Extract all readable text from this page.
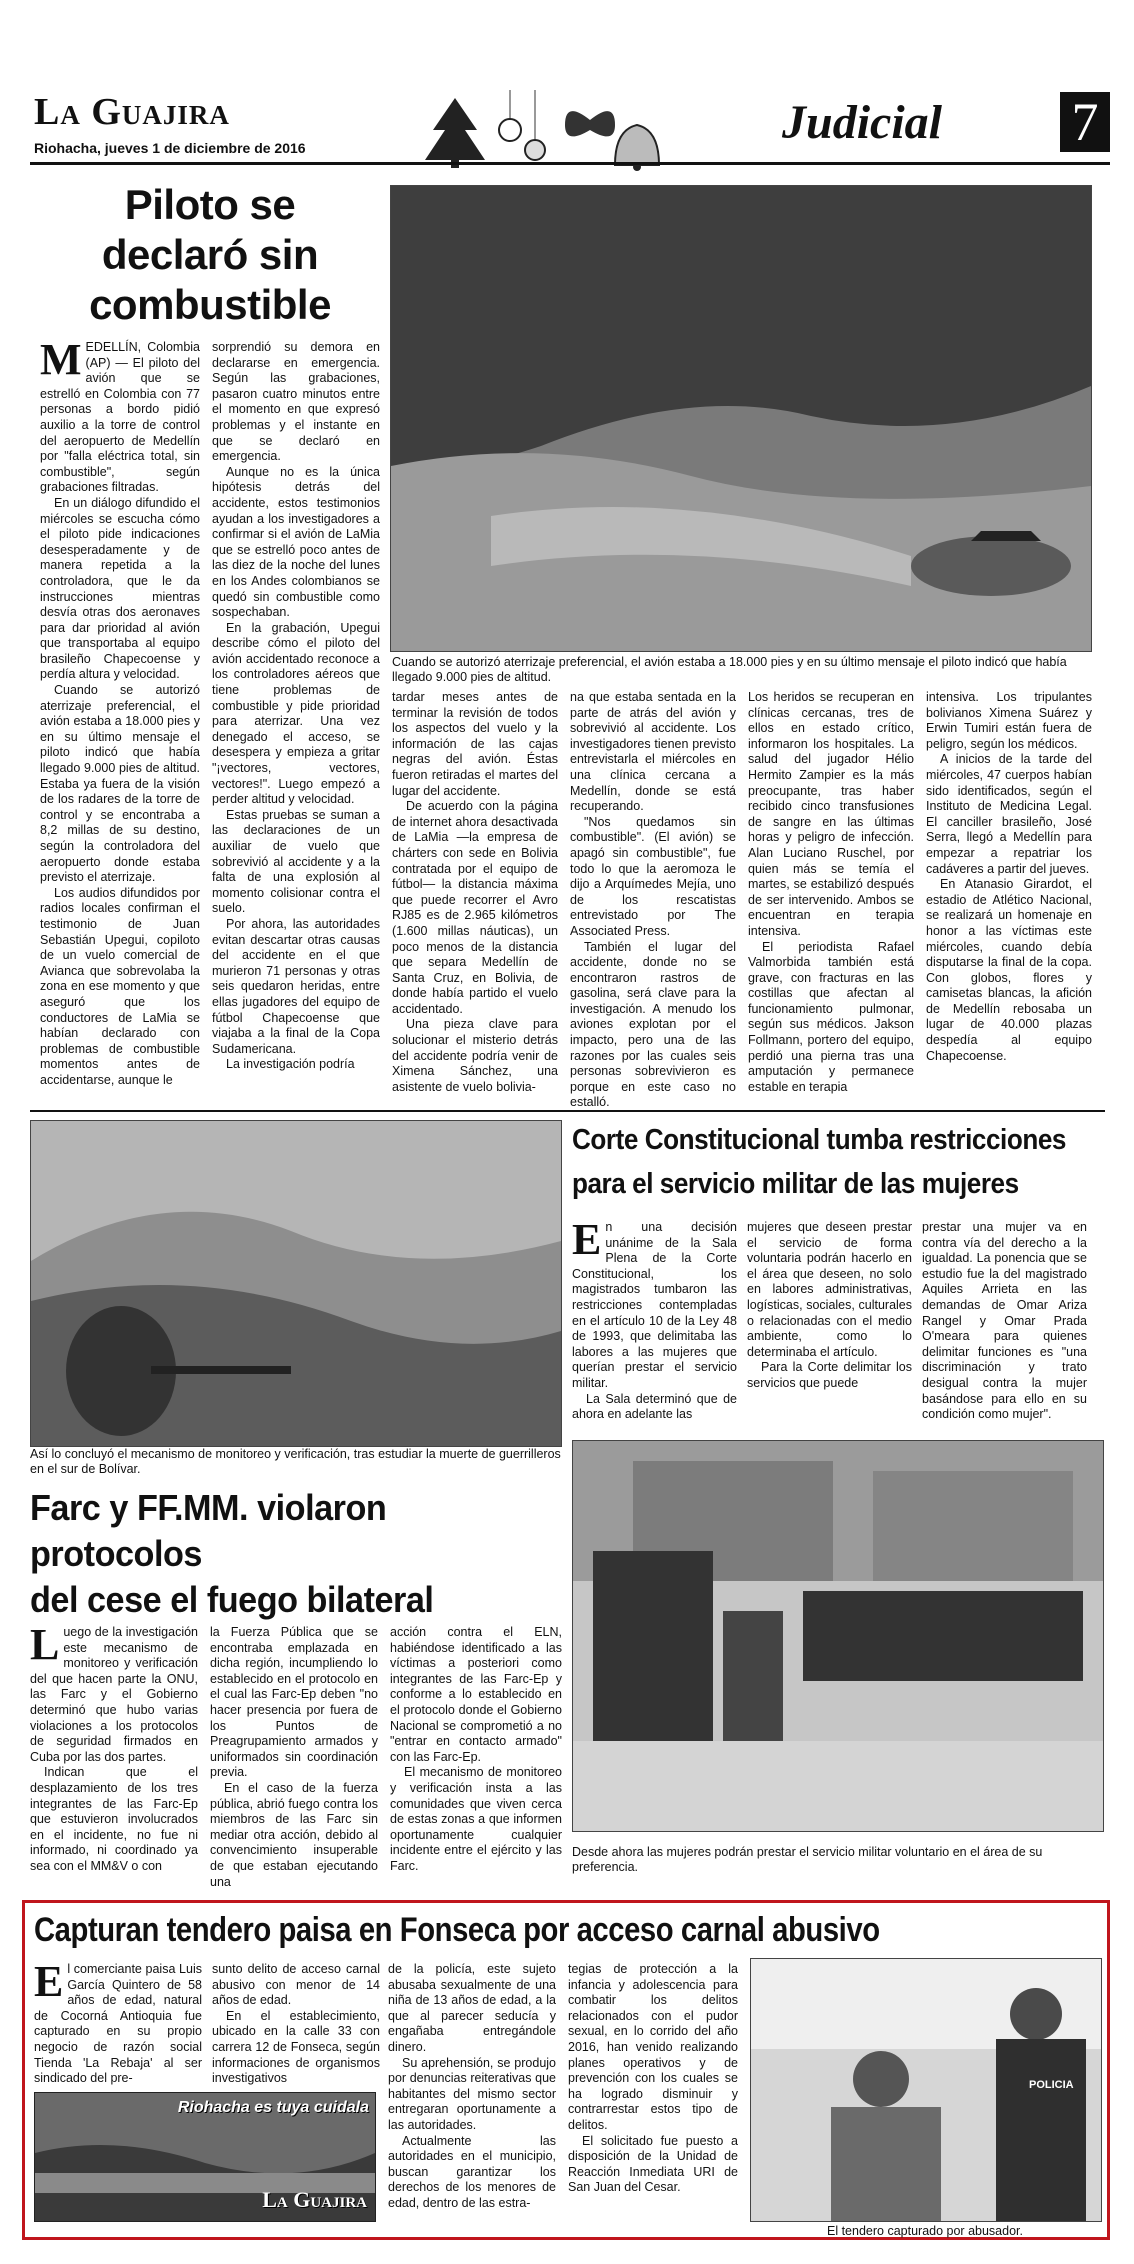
La Guajira
Riohacha, jueves 1 de diciembre de 2016	Judicial 7
Piloto se
declaró sin
combustible
Cuando se autorizó aterrizaje preferencial, el avión estaba a 18.000 pies y en su último mensaje el piloto indicó que había llegado 9.000 pies de altitud.

MEDELLÍN, Colombia (AP) — El piloto del avión que se estrelló en Colombia con 77 personas a bordo pidió auxilio a la torre de control del aeropuerto de Medellín por "falla eléctrica total, sin combustible", según grabaciones filtradas.

En un diálogo difundido el miércoles se escucha cómo el piloto pide indicaciones desesperadamente y de manera repetida a la controladora, que le da instrucciones mientras desvía otras dos aeronaves para dar prioridad al avión que transportaba al equipo brasileño Chapecoense y perdía altura y velocidad.

Cuando se autorizó aterrizaje preferencial, el avión estaba a 18.000 pies y en su último mensaje el piloto indicó que había llegado 9.000 pies de altitud. Estaba ya fuera de la visión de los radares de la torre de control y se encontraba a 8,2 millas de su destino, según la controladora del aeropuerto donde estaba previsto el aterrizaje.

Los audios difundidos por radios locales confirman el testimonio de Juan Sebastián Upegui, copiloto de un vuelo comercial de Avianca que sobrevolaba la zona en ese momento y que aseguró que los conductores de LaMia se habían declarado con problemas de combustible momentos antes de accidentarse, aunque le

sorprendió su demora en declararse en emergencia. Según las grabaciones, pasaron cuatro minutos entre el momento en que expresó problemas y el instante en que se declaró en emergencia.

Aunque no es la única hipótesis detrás del accidente, estos testimonios ayudan a los investigadores a confirmar si el avión de LaMia que se estrelló poco antes de las diez de la noche del lunes en los Andes colombianos se quedó sin combustible como sospechaban.

En la grabación, Upegui describe cómo el piloto del avión accidentado reconoce a los controladores aéreos que tiene problemas de combustible y pide prioridad para aterrizar. Una vez denegado el acceso, se desespera y empieza a gritar "¡vectores, vectores, vectores!". Luego empezó a perder altitud y velocidad.

Estas pruebas se suman a las declaraciones de un auxiliar de vuelo que sobrevivió al accidente y a la falta de una explosión al momento colisionar contra el suelo.

Por ahora, las autoridades evitan descartar otras causas del accidente en el que murieron 71 personas y otras seis quedaron heridas, entre ellas jugadores del equipo de fútbol Chapecoense que viajaba a la final de la Copa Sudamericana.

La investigación podría

tardar meses antes de terminar la revisión de todos los aspectos del vuelo y la información de las cajas negras del avión. Éstas fueron retiradas el martes del lugar del accidente.

De acuerdo con la página de internet ahora desactivada de LaMia —la empresa de chárters con sede en Bolivia contratada por el equipo de fútbol— la distancia máxima que puede recorrer el Avro RJ85 es de 2.965 kilómetros (1.600 millas náuticas), un poco menos de la distancia que separa Medellín de Santa Cruz, en Bolivia, de donde había partido el vuelo accidentado.

Una pieza clave para solucionar el misterio detrás del accidente podría venir de Ximena Sánchez, una asistente de vuelo bolivia-

na que estaba sentada en la parte de atrás del avión y sobrevivió al accidente. Los investigadores tienen previsto entrevistarla el miércoles en una clínica cercana a Medellín, donde se está recuperando.

"Nos quedamos sin combustible". (El avión) se apagó sin combustible", fue todo lo que la aeromoza le dijo a Arquímedes Mejía, uno de los rescatistas entrevistado por The Associated Press.

También el lugar del accidente, donde no se encontraron rastros de gasolina, será clave para la investigación. A menudo los aviones explotan por el impacto, pero una de las razones por las cuales seis personas sobrevivieron es porque en este caso no estalló.

Los heridos se recuperan en clínicas cercanas, tres de ellos en estado crítico, informaron los hospitales. La salud del jugador Hélio Hermito Zampier es la más preocupante, tras haber recibido cinco transfusiones de sangre en las últimas horas y peligro de infección. Alan Luciano Ruschel, por quien más se temía el martes, se estabilizó después de ser intervenido. Ambos se encuentran en terapia intensiva.

El periodista Rafael Valmorbida también está grave, con fracturas en las costillas que afectan al funcionamiento pulmonar, según sus médicos. Jakson Follmann, portero del equipo, perdió una pierna tras una amputación y permanece estable en terapia

intensiva. Los tripulantes bolivianos Ximena Suárez y Erwin Tumiri están fuera de peligro, según los médicos.

A inicios de la tarde del miércoles, 47 cuerpos habían sido identificados, según el Instituto de Medicina Legal. El canciller brasileño, José Serra, llegó a Medellín para empezar a repatriar los cadáveres a partir del jueves.

En Atanasio Girardot, el estadio de Atlético Nacional, se realizará un homenaje en honor a las víctimas este miércoles, cuando debía disputarse la final de la copa. Con globos, flores y camisetas blancas, la afición de Medellín rebosaba un lugar de 40.000 plazas despedía al equipo Chapecoense.

Así lo concluyó el mecanismo de monitoreo y verificación, tras estudiar la muerte de guerrilleros en el sur de Bolívar.
Farc y FF.MM. violaron protocolos
del cese el fuego bilateral

Luego de la investigación este mecanismo de monitoreo y verificación del que hacen parte la ONU, las Farc y el Gobierno determinó que hubo varias violaciones a los protocolos de seguridad firmados en Cuba por las dos partes.

Indican que el desplazamiento de los tres integrantes de las Farc-Ep que estuvieron involucrados en el incidente, no fue ni informado, ni coordinado ya sea con el MM&V o con

la Fuerza Pública que se encontraba emplazada en dicha región, incumpliendo lo establecido en el protocolo en el cual las Farc-Ep deben "no hacer presencia por fuera de los Puntos de Preagrupamiento armados y uniformados sin coordinación previa.

En el caso de la fuerza pública, abrió fuego contra los miembros de las Farc sin mediar otra acción, debido al convencimiento insuperable de que estaban ejecutando una

acción contra el ELN, habiéndose identificado a las víctimas a posteriori como integrantes de las Farc-Ep y conforme a lo establecido en el protocolo donde el Gobierno Nacional se comprometió a no "entrar en contacto armado" con las Farc-Ep.

El mecanismo de monitoreo y verificación insta a las comunidades que viven cerca de estas zonas a que informen oportunamente cualquier incidente entre el ejército y las Farc.

Corte Constitucional tumba restricciones
para el servicio militar de las mujeres

En una decisión unánime de la Sala Plena de la Corte Constitucional, los magistrados tumbaron las restricciones contempladas en el artículo 10 de la Ley 48 de 1993, que delimitaba las labores a las mujeres que querían prestar el servicio militar.

La Sala determinó que de ahora en adelante las

mujeres que deseen prestar el servicio de forma voluntaria podrán hacerlo en el área que deseen, no solo en labores administrativas, logísticas, sociales, culturales o relacionadas con el medio ambiente, como lo determinaba el artículo.

Para la Corte delimitar los servicios que puede

prestar una mujer va en contra vía del derecho a la igualdad. La ponencia que se estudio fue la del magistrado Aquiles Arrieta en las demandas de Omar Ariza Rangel y Omar Prada O'meara para quienes delimitar funciones es "una discriminación y trato desigual contra la mujer basándose para ello en su condición como mujer".

Desde ahora las mujeres podrán prestar el servicio militar voluntario en el área de su preferencia.
Capturan tendero paisa en Fonseca por acceso carnal abusivo

El comerciante paisa Luis García Quintero de 58 años de edad, natural de Cocorná Antioquia fue capturado en su propio negocio de razón social Tienda 'La Rebaja' al ser sindicado del pre-

sunto delito de acceso carnal abusivo con menor de 14 años de edad.

En el establecimiento, ubicado en la calle 33 con carrera 12 de Fonseca, según informaciones de organismos investigativos

Riohacha es tuya cuidala
La Guajira

de la policía, este sujeto abusaba sexualmente de una niña de 13 años de edad, a la que al parecer seducía y engañaba entregándole dinero.

Su aprehensión, se produjo por denuncias reiterativas que habitantes del mismo sector entregaran oportunamente a las autoridades.

Actualmente las autoridades en el municipio, buscan garantizar los derechos de los menores de edad, dentro de las estra-

tegias de protección a la infancia y adolescencia para combatir los delitos relacionados con el pudor sexual, en lo corrido del año 2016, han venido realizando planes operativos y de prevención con los cuales se ha logrado disminuir y contrarrestar estos tipo de delitos.

El solicitado fue puesto a disposición de la Unidad de Reacción Inmediata URI de San Juan del Cesar.

POLICIA
El tendero capturado por abusador.
